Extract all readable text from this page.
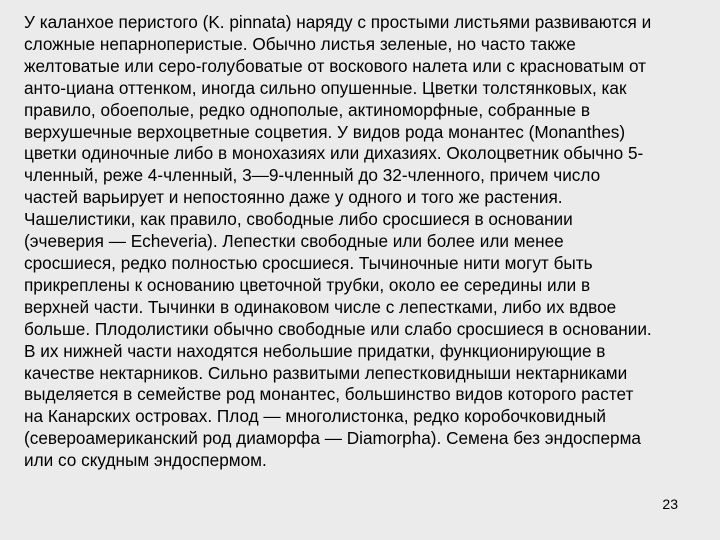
У каланхое перистого (K. pinnata) наряду с простыми листьями развиваются и
сложные непарноперистые. Обычно листья зеленые, но часто также
желтоватые или серо-голубоватые от воскового налета или с красноватым от
анто-циана оттенком, иногда сильно опушенные. Цветки толстянковых, как
правило, обоеполые, редко однополые, актиноморфные, собранные в
верхушечные верхоцветные соцветия. У видов рода монантес (Monanthes)
цветки одиночные либо в монохазиях или дихазиях. Околоцветник обычно 5-
членный, реже 4-членный, 3—9-членный до 32-членного, причем число
частей варьирует и непостоянно даже у одного и того же растения.
Чашелистики, как правило, свободные либо сросшиеся в основании
(эчеверия — Echeveria). Лепестки свободные или более или менее
сросшиеся, редко полностью сросшиеся. Тычиночные нити могут быть
прикреплены к основанию цветочной трубки, около ее середины или в
верхней части. Тычинки в одинаковом числе с лепестками, либо их вдвое
больше. Плодолистики обычно свободные или слабо сросшиеся в основании.
В их нижней части находятся небольшие придатки, функционирующие в
качестве нектарников. Сильно развитыми лепестковидныши нектарниками
выделяется в семействе род монантес, большинство видов которого растет
на Канарских островах. Плод — многолистонка, редко коробочковидный
(североамериканский род диаморфа — Diamorpha). Семена без эндосперма
или со скудным эндоспермом.

23
